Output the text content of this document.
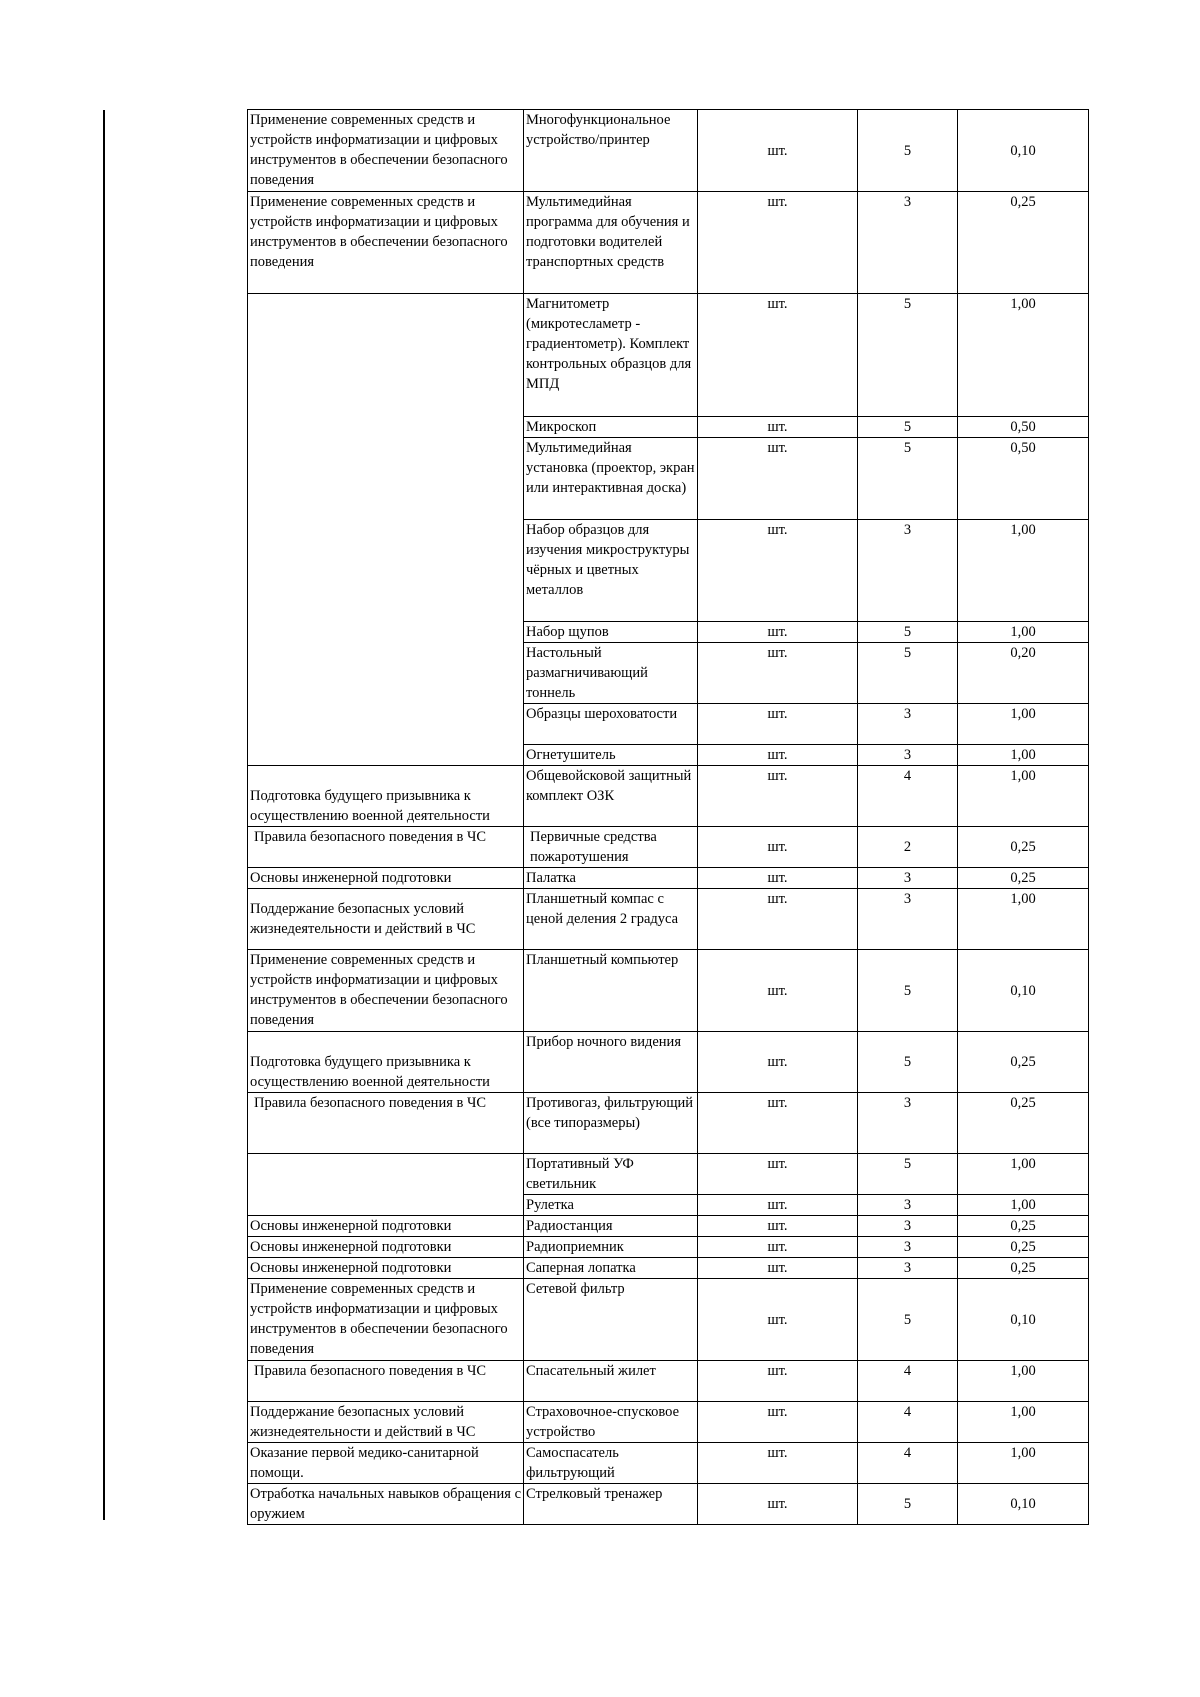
Применение современных средств и устройств информатизации и цифровых инструментов в обеспечении безопасного поведения	Многофункциональное устройство/принтер	шт.	5	0,10
Применение современных средств и устройств информатизации и цифровых инструментов в обеспечении безопасного поведения	Мультимедийная программа для обучения и подготовки водителей транспортных средств	шт.	3	0,25
	Магнитометр (микротесламетр - градиентометр). Комплект контрольных образцов для МПД	шт.	5	1,00
	Микроскоп	шт.	5	0,50
	Мультимедийная установка (проектор, экран или интерактивная доска)	шт.	5	0,50
	Набор образцов для изучения микроструктуры чёрных и цветных металлов	шт.	3	1,00
	Набор щупов	шт.	5	1,00
	Настольный размагничивающий тоннель	шт.	5	0,20
	Образцы шероховатости	шт.	3	1,00
	Огнетушитель	шт.	3	1,00
Подготовка будущего призывника к осуществлению военной деятельности	Общевойсковой защитный комплект ОЗК	шт.	4	1,00
Правила безопасного поведения в ЧС	Первичные средства пожаротушения	шт.	2	0,25
Основы инженерной подготовки	Палатка	шт.	3	0,25
Поддержание безопасных условий жизнедеятельности и действий в ЧС	Планшетный компас с ценой деления 2 градуса	шт.	3	1,00
Применение современных средств и устройств информатизации и цифровых инструментов в обеспечении безопасного поведения	Планшетный компьютер	шт.	5	0,10
Подготовка будущего призывника к осуществлению военной деятельности	Прибор ночного видения	шт.	5	0,25
Правила безопасного поведения в ЧС	Противогаз, фильтрующий (все типоразмеры)	шт.	3	0,25
	Портативный УФ светильник	шт.	5	1,00
	Рулетка	шт.	3	1,00
Основы инженерной подготовки	Радиостанция	шт.	3	0,25
Основы инженерной подготовки	Радиоприемник	шт.	3	0,25
Основы инженерной подготовки	Саперная лопатка	шт.	3	0,25
Применение современных средств и устройств информатизации и цифровых инструментов в обеспечении безопасного поведения	Сетевой фильтр	шт.	5	0,10
Правила безопасного поведения в ЧС	Спасательный жилет	шт.	4	1,00
Поддержание безопасных условий жизнедеятельности и действий в ЧС	Страховочное-спусковое устройство	шт.	4	1,00
Оказание первой медико-санитарной помощи.	Самоспасатель фильтрующий	шт.	4	1,00
Отработка начальных навыков обращения с оружием	Стрелковый тренажер	шт.	5	0,10
